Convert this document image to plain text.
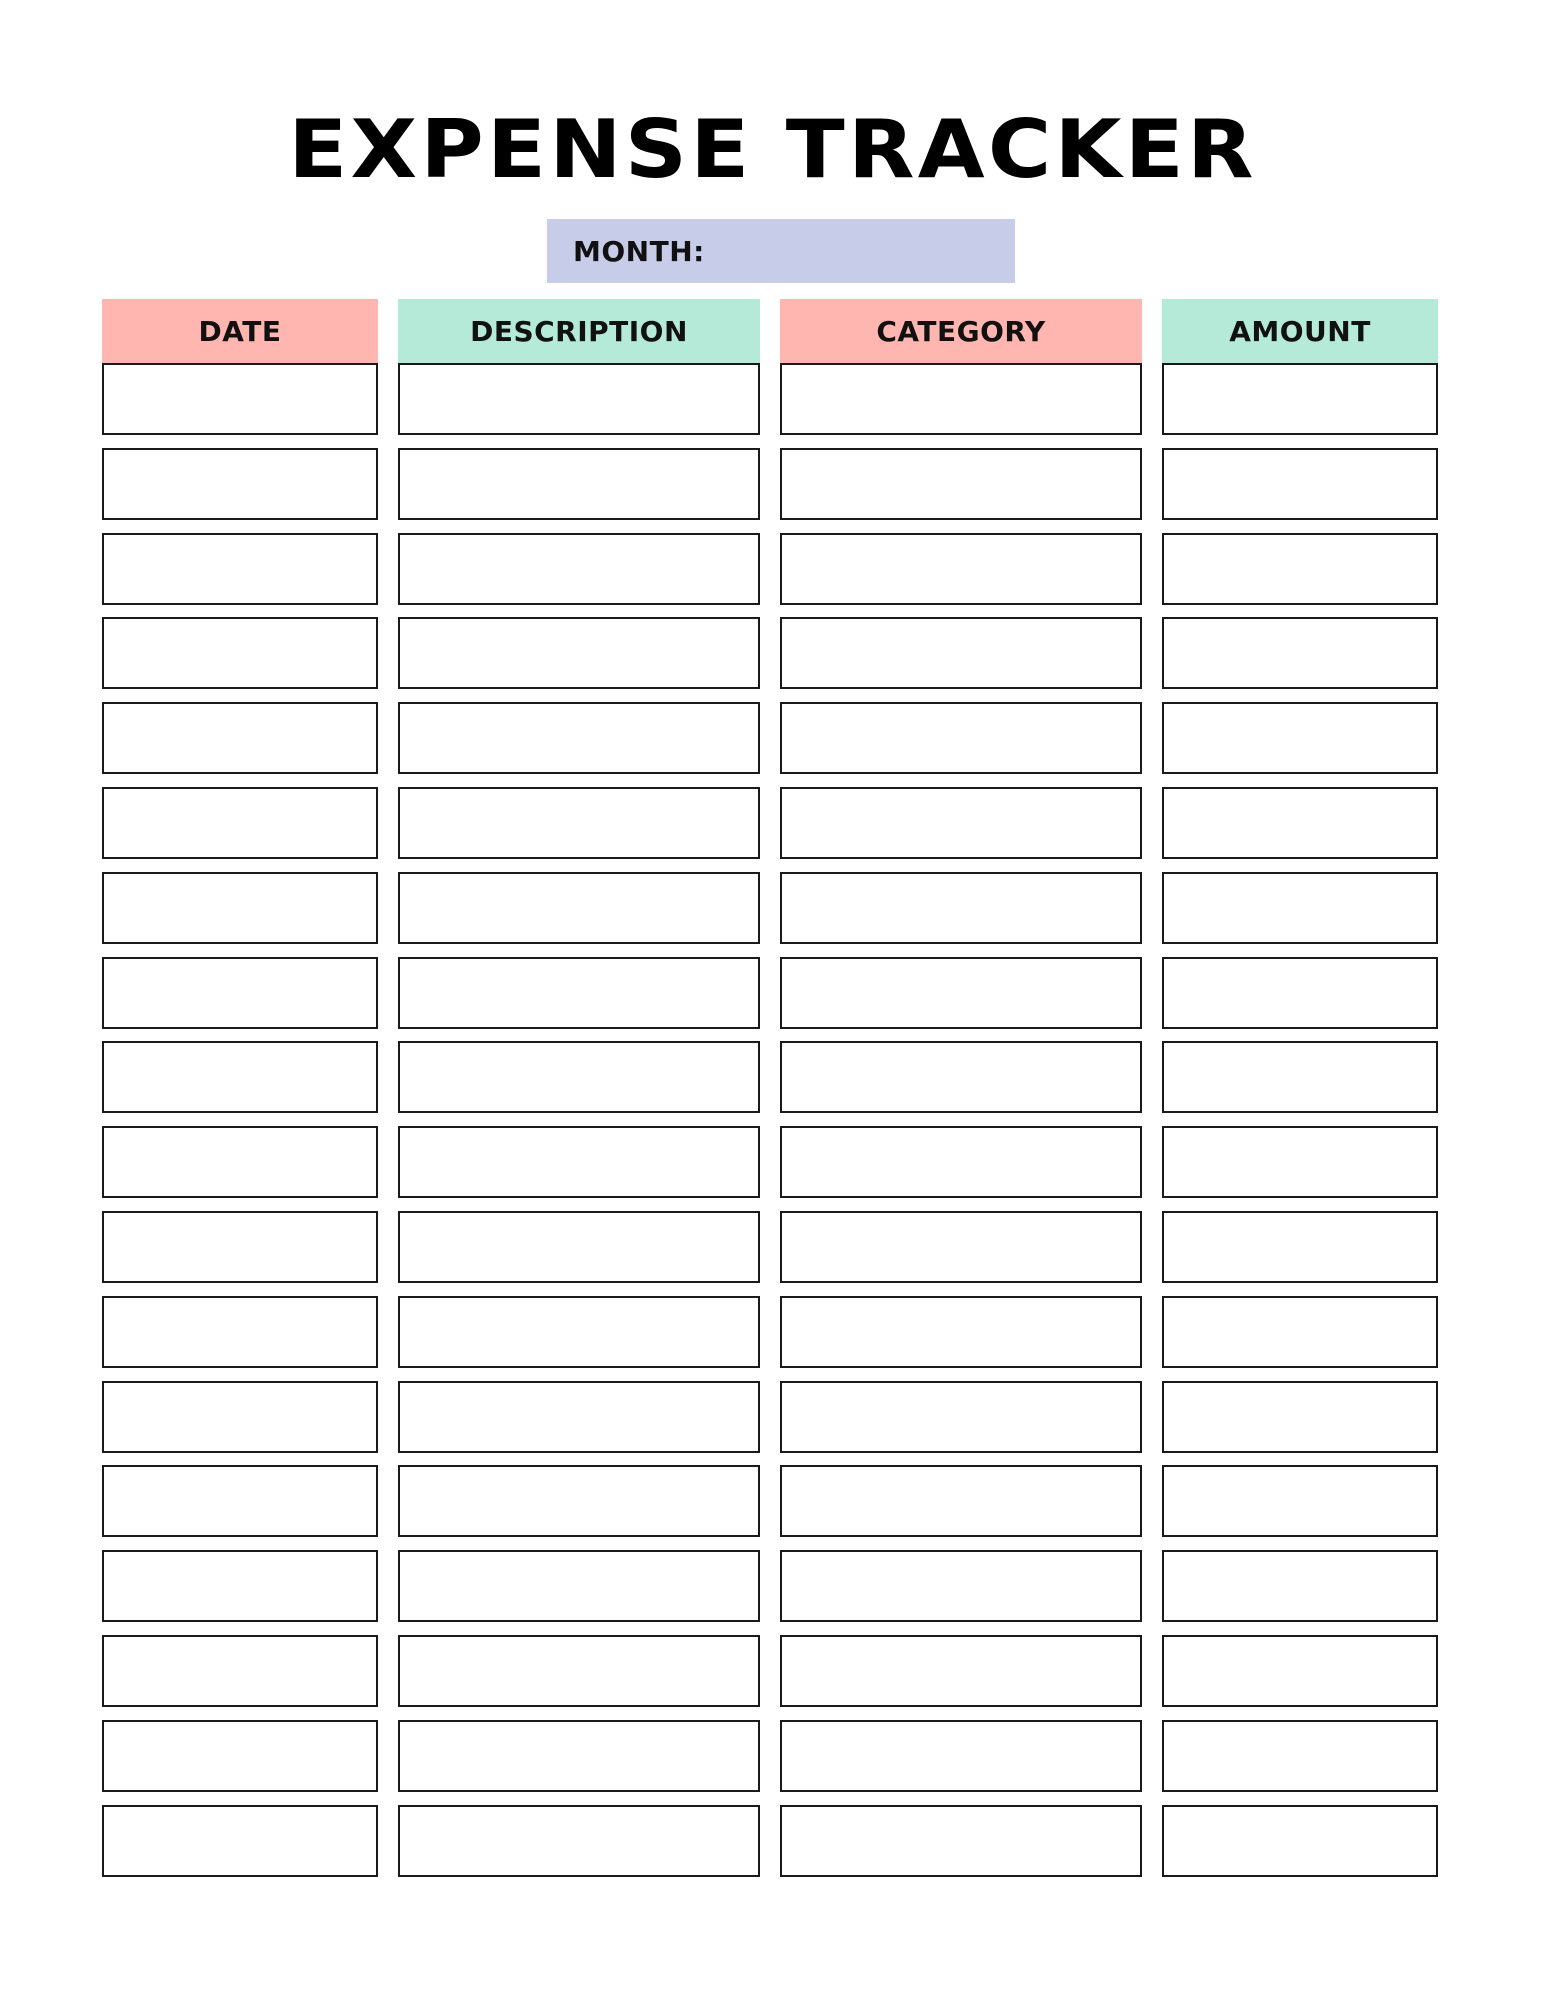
EXPENSE TRACKER
MONTH:
DATE	DESCRIPTION	CATEGORY	AMOUNT
